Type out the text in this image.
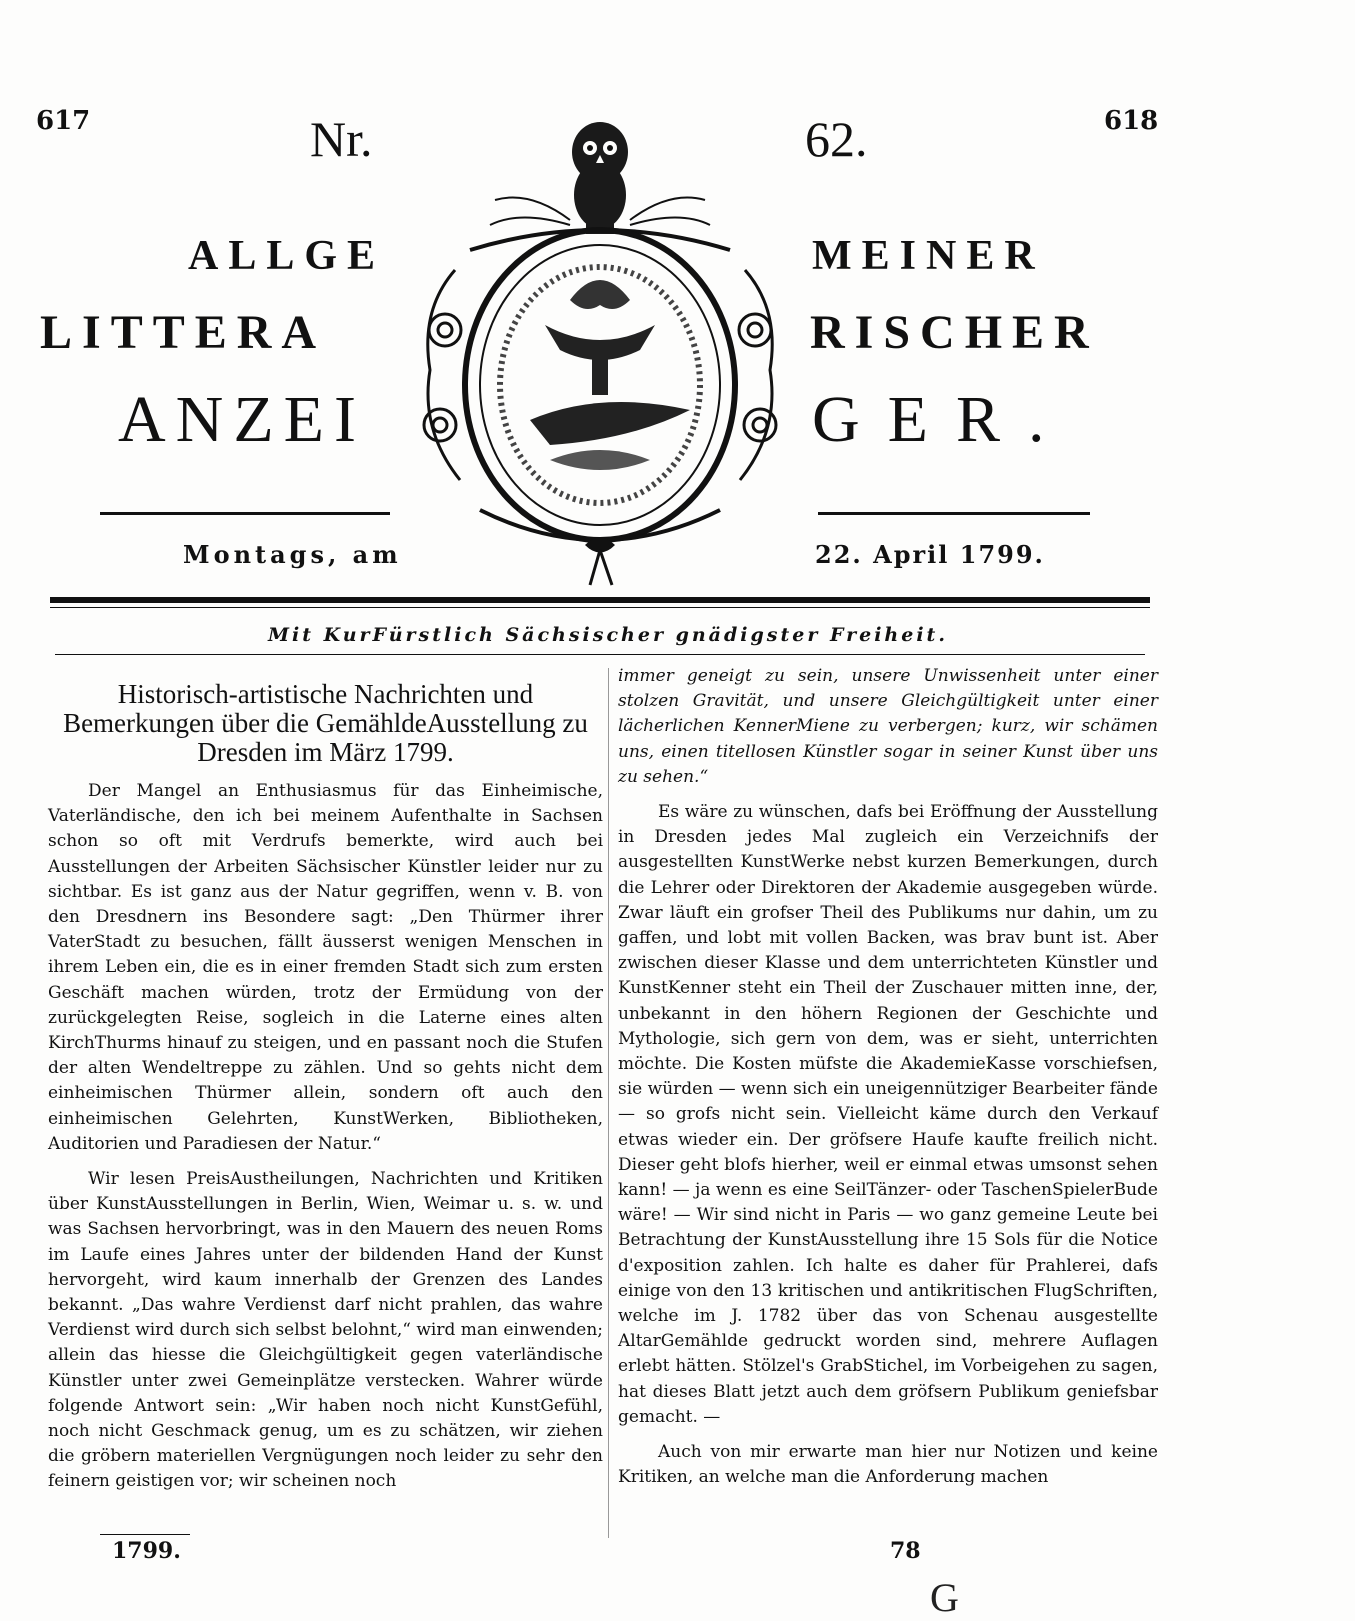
617	618
Nr.	62.
ALLGE	MEINER
LITTERA	RISCHER
ANZEI	GER.
Montags, am	22. April 1799.
Mit KurFürstlich Sächsischer gnädigster Freiheit.
Historisch-artistische Nachrichten und Bemerkungen über die GemähldeAusstellung zu Dresden im März 1799.

Der Mangel an Enthusiasmus für das Einheimische, Vaterländische, den ich bei meinem Aufenthalte in Sachsen schon so oft mit Verdrufs bemerkte, wird auch bei Ausstellungen der Arbeiten Sächsischer Künstler leider nur zu sichtbar. Es ist ganz aus der Natur gegriffen, wenn v. B. von den Dresdnern ins Besondere sagt: „Den Thürmer ihrer VaterStadt zu besuchen, fällt äusserst wenigen Menschen in ihrem Leben ein, die es in einer fremden Stadt sich zum ersten Geschäft machen würden, trotz der Ermüdung von der zurückgelegten Reise, sogleich in die Laterne eines alten KirchThurms hinauf zu steigen, und en passant noch die Stufen der alten Wendeltreppe zu zählen. Und so gehts nicht dem einheimischen Thürmer allein, sondern oft auch den einheimischen Gelehrten, KunstWerken, Bibliotheken, Auditorien und Paradiesen der Natur.“

Wir lesen PreisAustheilungen, Nachrichten und Kritiken über KunstAusstellungen in Berlin, Wien, Weimar u. s. w. und was Sachsen hervorbringt, was in den Mauern des neuen Roms im Laufe eines Jahres unter der bildenden Hand der Kunst hervorgeht, wird kaum innerhalb der Grenzen des Landes bekannt. „Das wahre Verdienst darf nicht prahlen, das wahre Verdienst wird durch sich selbst belohnt,“ wird man einwenden; allein das hiesse die Gleichgültigkeit gegen vaterländische Künstler unter zwei Gemeinplätze verstecken. Wahrer würde folgende Antwort sein: „Wir haben noch nicht KunstGefühl, noch nicht Geschmack genug, um es zu schätzen, wir ziehen die gröbern materiellen Vergnügungen noch leider zu sehr den feinern geistigen vor; wir scheinen noch

immer geneigt zu sein, unsere Unwissenheit unter einer stolzen Gravität, und unsere Gleichgültigkeit unter einer lächerlichen KennerMiene zu verbergen; kurz, wir schämen uns, einen titellosen Künstler sogar in seiner Kunst über uns zu sehen.“

Es wäre zu wünschen, dafs bei Eröffnung der Ausstellung in Dresden jedes Mal zugleich ein Verzeichnifs der ausgestellten KunstWerke nebst kurzen Bemerkungen, durch die Lehrer oder Direktoren der Akademie ausgegeben würde. Zwar läuft ein grofser Theil des Publikums nur dahin, um zu gaffen, und lobt mit vollen Backen, was brav bunt ist. Aber zwischen dieser Klasse und dem unterrichteten Künstler und KunstKenner steht ein Theil der Zuschauer mitten inne, der, unbekannt in den höhern Regionen der Geschichte und Mythologie, sich gern von dem, was er sieht, unterrichten möchte. Die Kosten müfste die AkademieKasse vorschiefsen, sie würden — wenn sich ein uneigennütziger Bearbeiter fände — so grofs nicht sein. Vielleicht käme durch den Verkauf etwas wieder ein. Der gröfsere Haufe kaufte freilich nicht. Dieser geht blofs hierher, weil er einmal etwas umsonst sehen kann! — ja wenn es eine SeilTänzer- oder TaschenSpielerBude wäre! — Wir sind nicht in Paris — wo ganz gemeine Leute bei Betrachtung der KunstAusstellung ihre 15 Sols für die Notice d'exposition zahlen. Ich halte es daher für Prahlerei, dafs einige von den 13 kritischen und antikritischen FlugSchriften, welche im J. 1782 über das von Schenau ausgestellte AltarGemählde gedruckt worden sind, mehrere Auflagen erlebt hätten. Stölzel's GrabStichel, im Vorbeigehen zu sagen, hat dieses Blatt jetzt auch dem gröfsern Publikum geniefsbar gemacht. —

Auch von mir erwarte man hier nur Notizen und keine Kritiken, an welche man die Anforderung machen

1799.	78
G
